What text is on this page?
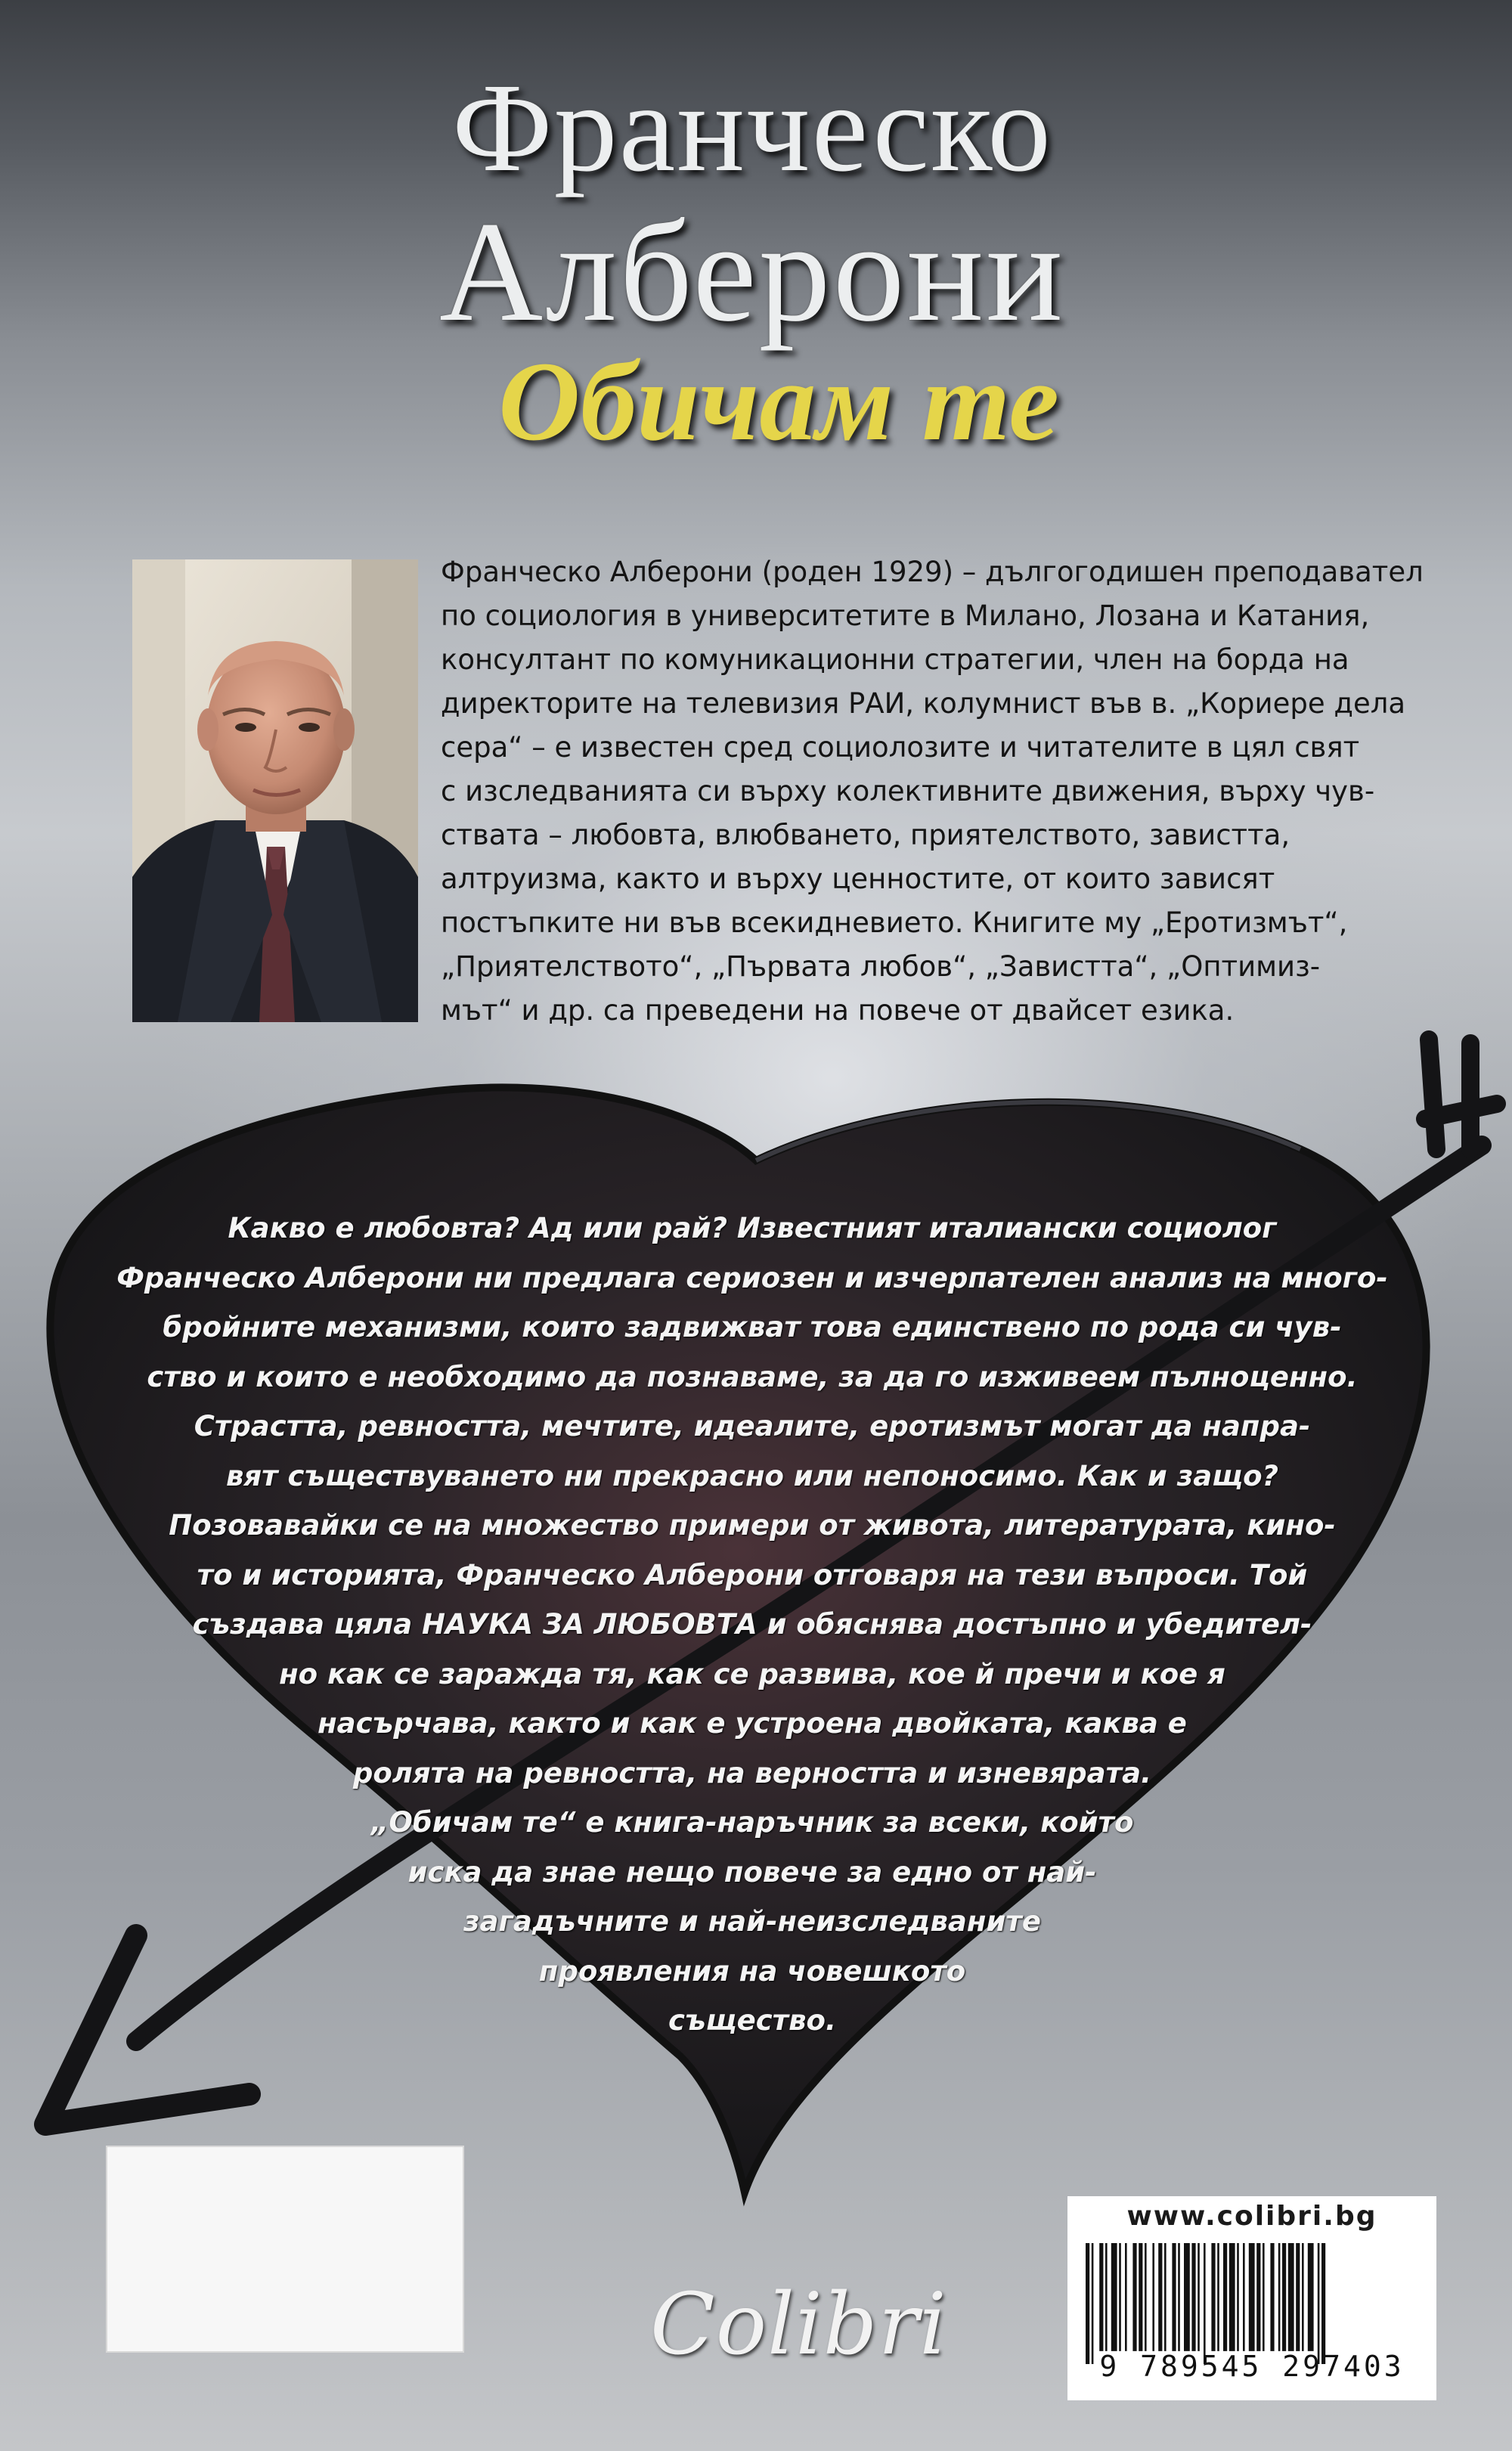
Франческо
Алберони
Обичам те
Франческо Алберони (роден 1929) – дългогодишен преподавател
по социология в университетите в Милано, Лозана и Катания,
консултант по комуникационни стратегии, член на борда на
директорите на телевизия РАИ, колумнист във в. „Кориере дела
сера“ – е известен сред социолозите и читателите в цял свят
с изследванията си върху колективните движения, върху чув-
ствата – любовта, влюбването, приятелството, завистта,
алтруизма, както и върху ценностите, от които зависят
постъпките ни във всекидневието. Книгите му „Еротизмът“,
„Приятелството“, „Първата любов“, „Завистта“, „Оптимиз-
мът“ и др. са преведени на повече от двайсет езика.
Какво е любовта? Ад или рай? Известният италиански социолог
Франческо Алберони ни предлага сериозен и изчерпателен анализ на много-
бройните механизми, които задвижват това единствено по рода си чув-
ство и които е необходимо да познаваме, за да го изживеем пълноценно.
Страстта, ревността, мечтите, идеалите, еротизмът могат да напра-
вят съществуването ни прекрасно или непоносимо. Как и защо?
Позовавайки се на множество примери от живота, литературата, кино-
то и историята, Франческо Алберони отговаря на тези въпроси. Той
създава цяла НАУКА ЗА ЛЮБОВТА и обяснява достъпно и убедител-
но как се заражда тя, как се развива, кое й пречи и кое я
насърчава, както и как е устроена двойката, каква е
ролята на ревността, на верността и изневярата.
„Обичам те“ е книга-наръчник за всеки, който
иска да знае нещо повече за едно от най-
загадъчните и най-неизследваните
проявления на човешкото
същество.
Colibri
www.colibri.bg
9 789545 297403
